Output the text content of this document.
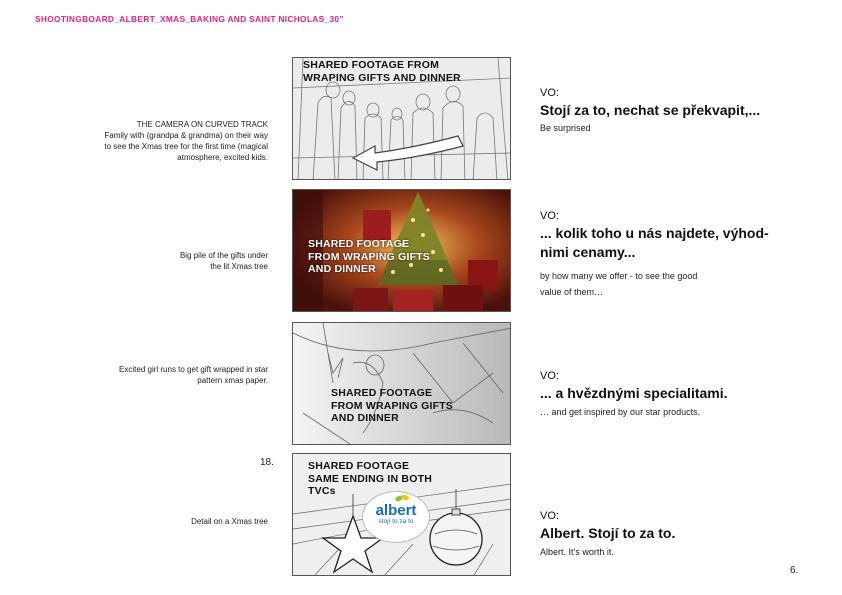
SHOOTINGBOARD_ALBERT_XMAS_BAKING AND SAINT NICHOLAS_30”
THE CAMERA ON CURVED TRACK
Family with (grandpa & grandma) on their way
to see the Xmas tree for the first time (magical
atmosphere, excited kids.
SHARED FOOTAGE FROM
WRAPING GIFTS AND DINNER
VO:
Stojí za to, nechat se překvapit,...
Be surprised
Big pile of the gifts under
the lit Xmas tree
SHARED FOOTAGE
FROM WRAPING GIFTS
AND DINNER
VO:
... kolik toho u nás najdete, výhod-
nimi cenamy...
by how many we offer - to see the good
value of them…
Excited girl runs to get gift wrapped in star
pattern xmas paper.
SHARED FOOTAGE
FROM WRAPING GIFTS
AND DINNER
VO:
... a hvězdnými specialitami.
… and get inspired by our star products.
18.
Detail on a Xmas tree
SHARED FOOTAGE
SAME ENDING IN BOTH
TVCs
albert
stojí to za to	VO:
Albert. Stojí to za to.
Albert. It’s worth it.
6.
